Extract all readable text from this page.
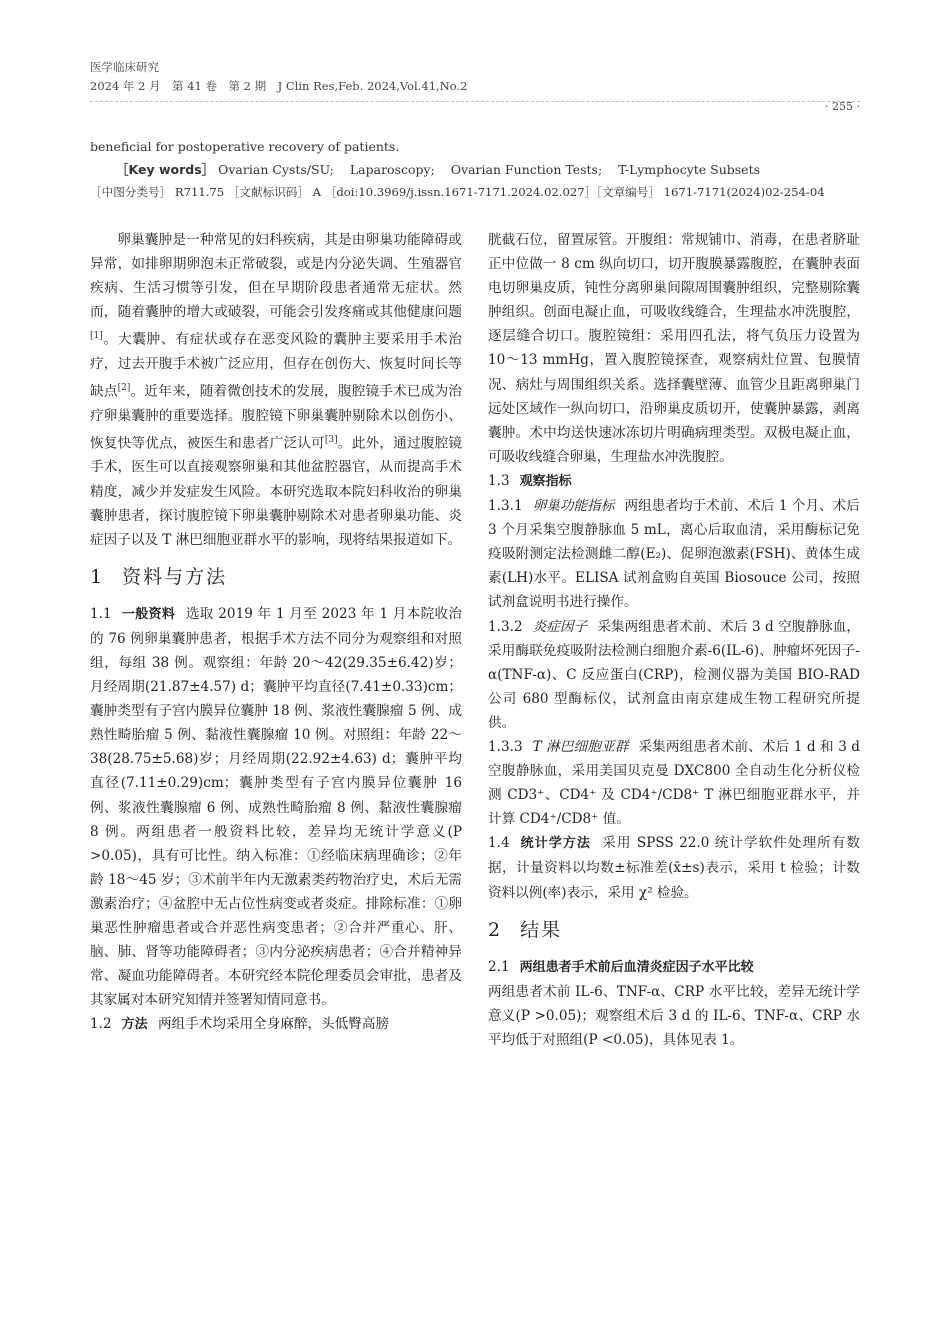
医学临床研究
2024 年 2 月　第 41 卷　第 2 期　J Clin Res,Feb. 2024,Vol.41,No.2
· 255 ·
beneficial for postoperative recovery of patients.
［Key words］ Ovarian Cysts/SU; Laparoscopy; Ovarian Function Tests; T-Lymphocyte Subsets
［中图分类号］ R711.75 ［文献标识码］ A ［doi:10.3969/j.issn.1671-7171.2024.02.027］［文章编号］ 1671-7171(2024)02-254-04

卵巢囊肿是一种常见的妇科疾病，其是由卵巢功能障碍或异常，如排卵期卵泡未正常破裂，或是内分泌失调、生殖器官疾病、生活习惯等引发，但在早期阶段患者通常无症状。然而，随着囊肿的增大或破裂，可能会引发疼痛或其他健康问题[1]。大囊肿、有症状或存在恶变风险的囊肿主要采用手术治疗，过去开腹手术被广泛应用，但存在创伤大、恢复时间长等缺点[2]。近年来，随着微创技术的发展，腹腔镜手术已成为治疗卵巢囊肿的重要选择。腹腔镜下卵巢囊肿剔除术以创伤小、恢复快等优点，被医生和患者广泛认可[3]。此外，通过腹腔镜手术，医生可以直接观察卵巢和其他盆腔器官，从而提高手术精度，减少并发症发生风险。本研究选取本院妇科收治的卵巢囊肿患者，探讨腹腔镜下卵巢囊肿剔除术对患者卵巢功能、炎症因子以及 T 淋巴细胞亚群水平的影响，现将结果报道如下。

1 资料与方法

1.1 一般资料 选取 2019 年 1 月至 2023 年 1 月本院收治的 76 例卵巢囊肿患者，根据手术方法不同分为观察组和对照组，每组 38 例。观察组：年龄 20～42(29.35±6.42)岁；月经周期(21.87±4.57) d；囊肿平均直径(7.41±0.33)cm；囊肿类型有子宫内膜异位囊肿 18 例、浆液性囊腺瘤 5 例、成熟性畸胎瘤 5 例、黏液性囊腺瘤 10 例。对照组：年龄 22～38(28.75±5.68)岁；月经周期(22.92±4.63) d；囊肿平均直径(7.11±0.29)cm；囊肿类型有子宫内膜异位囊肿 16 例、浆液性囊腺瘤 6 例、成熟性畸胎瘤 8 例、黏液性囊腺瘤 8 例。两组患者一般资料比较，差异均无统计学意义(P >0.05)，具有可比性。纳入标准：①经临床病理确诊；②年龄 18～45 岁；③术前半年内无激素类药物治疗史，术后无需激素治疗；④盆腔中无占位性病变或者炎症。排除标准：①卵巢恶性肿瘤患者或合并恶性病变患者；②合并严重心、肝、脑、肺、肾等功能障碍者；③内分泌疾病患者；④合并精神异常、凝血功能障碍者。本研究经本院伦理委员会审批，患者及其家属对本研究知情并签署知情同意书。

1.2 方法 两组手术均采用全身麻醉，头低臀高膀

胱截石位，留置尿管。开腹组：常规铺巾、消毒，在患者脐耻正中位做一 8 cm 纵向切口，切开腹膜暴露腹腔，在囊肿表面电切卵巢皮质，钝性分离卵巢间隙周围囊肿组织，完整剔除囊肿组织。创面电凝止血，可吸收线缝合，生理盐水冲洗腹腔，逐层缝合切口。腹腔镜组：采用四孔法，将气负压力设置为 10～13 mmHg，置入腹腔镜探查，观察病灶位置、包膜情况、病灶与周围组织关系。选择囊壁薄、血管少且距离卵巢门远处区域作一纵向切口，沿卵巢皮质切开，使囊肿暴露，剥离囊肿。术中均送快速冰冻切片明确病理类型。双极电凝止血，可吸收线缝合卵巢，生理盐水冲洗腹腔。

1.3 观察指标

1.3.1 卵巢功能指标 两组患者均于术前、术后 1 个月、术后 3 个月采集空腹静脉血 5 mL，离心后取血清，采用酶标记免疫吸附测定法检测雌二醇(E₂)、促卵泡激素(FSH)、黄体生成素(LH)水平。ELISA 试剂盒购自英国 Biosouce 公司，按照试剂盒说明书进行操作。

1.3.2 炎症因子 采集两组患者术前、术后 3 d 空腹静脉血，采用酶联免疫吸附法检测白细胞介素-6(IL-6)、肿瘤坏死因子-α(TNF-α)、C 反应蛋白(CRP)，检测仪器为美国 BIO-RAD 公司 680 型酶标仪，试剂盒由南京建成生物工程研究所提供。

1.3.3 T 淋巴细胞亚群 采集两组患者术前、术后 1 d 和 3 d 空腹静脉血，采用美国贝克曼 DXC800 全自动生化分析仪检测 CD3⁺、CD4⁺ 及 CD4⁺/CD8⁺ T 淋巴细胞亚群水平，并计算 CD4⁺/CD8⁺ 值。

1.4 统计学方法 采用 SPSS 22.0 统计学软件处理所有数据，计量资料以均数±标准差(x̄±s)表示，采用 t 检验；计数资料以例(率)表示，采用 χ² 检验。

2 结果

2.1 两组患者手术前后血清炎症因子水平比较

两组患者术前 IL-6、TNF-α、CRP 水平比较，差异无统计学意义(P >0.05)；观察组术后 3 d 的 IL-6、TNF-α、CRP 水平均低于对照组(P <0.05)，具体见表 1。
